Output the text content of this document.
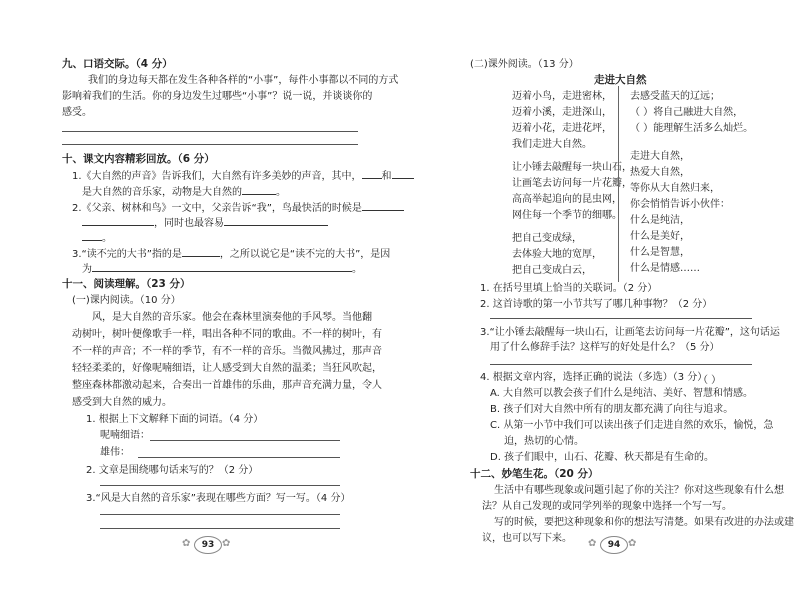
九、口语交际。（4 分）
我们的身边每天都在发生各种各样的“小事”，每件小事都以不同的方式
影响着我们的生活。你的身边发生过哪些“小事”？说一说，并谈谈你的
感受。
十、课文内容精彩回放。（6 分）
1.《大自然的声音》告诉我们，大自然有许多美妙的声音，其中， 和
是大自然的音乐家，动物是大自然的	。
2.《父亲、树林和鸟》一文中，父亲告诉“我”，鸟最快活的时候是
，同时也最容易
。
3.“读不完的大书”指的是	，之所以说它是“读不完的大书”，是因
为	。
十一、阅读理解。（23 分）
(一)课内阅读。（10 分）
风，是大自然的音乐家。他会在森林里演奏他的手风琴。当他翻
动树叶，树叶便像歌手一样，唱出各种不同的歌曲。不一样的树叶，有
不一样的声音；不一样的季节，有不一样的音乐。当微风拂过，那声音
轻轻柔柔的，好像呢喃细语，让人感受到大自然的温柔；当狂风吹起，
整座森林都激动起来，合奏出一首雄伟的乐曲，那声音充满力量，令人
感受到大自然的威力。
1. 根据上下文解释下面的词语。（4 分）
呢喃细语：
雄伟：
2. 文章是围绕哪句话来写的？（2 分）
3.“风是大自然的音乐家”表现在哪些方面？写一写。（4 分）
✿	93 ✿
(二)课外阅读。（13 分）
走进大自然
迈着小鸟，走进密林，
迈着小溪，走进深山，
迈着小花，走进花坪，
我们走进大自然。
让小锤去敲醒每一块山石，
让画笔去访问每一片花瓣，
高高举起追向的昆虫网，
网住每一个季节的细哪。
把自己变成绿，
去体验大地的宽厚，
把自己变成白云，
去感受蓝天的辽远；
（ ）将自己融进大自然，
（ ）能理解生活多么灿烂。
走进大自然，
热爱大自然，
等你从大自然归来，
你会悄悄告诉小伙伴：
什么是纯洁，
什么是美好，
什么是智慧，
什么是情感……
1. 在括号里填上恰当的关联词。（2 分）
2. 这首诗歌的第一小节共写了哪几种事物？（2 分）
3.“让小锤去敲醒每一块山石，让画笔去访问每一片花瓣”，这句话运
用了什么修辞手法？这样写的好处是什么？（5 分）
4. 根据文章内容，选择正确的说法（多选）（3 分）
（ ）
A. 大自然可以教会孩子们什么是纯洁、美好、智慧和情感。
B. 孩子们对大自然中所有的朋友都充满了向往与追求。
C. 从第一小节中我们可以读出孩子们走进自然的欢乐，愉悦，急
迫，热切的心情。
D. 孩子们眼中，山石、花瓣、秋天都是有生命的。
十二、妙笔生花。（20 分）
生活中有哪些现象或问题引起了你的关注？你对这些现象有什么想
法？从自己发现的或同学列举的现象中选择一个写一写。
写的时候，要把这种现象和你的想法写清楚。如果有改进的办法或建
议，也可以写下来。 ✿	94 ✿
